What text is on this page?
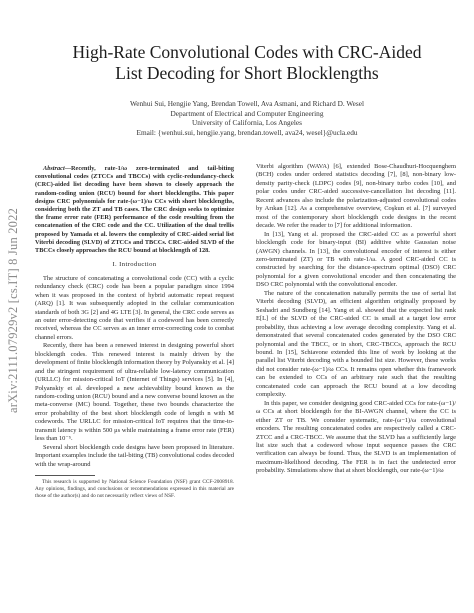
arXiv:2111.07929v2 [cs.IT] 8 Jun 2022
High-Rate Convolutional Codes with CRC-Aided
List Decoding for Short Blocklengths
Wenhui Sui, Hengjie Yang, Brendan Towell, Ava Asmani, and Richard D. Wesel
Department of Electrical and Computer Engineering
University of California, Los Angeles
Email: {wenhui.sui, hengjie.yang, brendan.towell, ava24, wesel}@ucla.edu

Abstract—Recently, rate-1/ω zero-terminated and tail-biting convolutional codes (ZTCCs and TBCCs) with cyclic-redundancy-check (CRC)-aided list decoding have been shown to closely approach the random-coding union (RCU) bound for short blocklengths. This paper designs CRC polynomials for rate-(ω−1)/ω CCs with short blocklengths, considering both the ZT and TB cases. The CRC design seeks to optimize the frame error rate (FER) performance of the code resulting from the concatenation of the CRC code and the CC. Utilization of the dual trellis proposed by Yamada et al. lowers the complexity of CRC-aided serial list Viterbi decoding (SLVD) of ZTCCs and TBCCs. CRC-aided SLVD of the TBCCs closely approaches the RCU bound at blocklength of 128.

I. Introduction

The structure of concatenating a convolutional code (CC) with a cyclic redundancy check (CRC) code has been a popular paradigm since 1994 when it was proposed in the context of hybrid automatic repeat request (ARQ) [1]. It was subsequently adopted in the cellular communication standards of both 3G [2] and 4G LTE [3]. In general, the CRC code serves as an outer error-detecting code that verifies if a codeword has been correctly received, whereas the CC serves as an inner error-correcting code to combat channel errors.

Recently, there has been a renewed interest in designing powerful short blocklength codes. This renewed interest is mainly driven by the development of finite blocklength information theory by Polyanskiy et al. [4] and the stringent requirement of ultra-reliable low-latency communication (URLLC) for mission-critical IoT (Internet of Things) services [5]. In [4], Polyanskiy et al. developed a new achievability bound known as the random-coding union (RCU) bound and a new converse bound known as the meta-converse (MC) bound. Together, these two bounds characterize the error probability of the best short blocklength code of length n with M codewords. The URLLC for mission-critical IoT requires that the time-to-transmit latency is within 500 μs while maintaining a frame error rate (FER) less than 10⁻⁵.

Several short blocklength code designs have been proposed in literature. Important examples include the tail-biting (TB) convolutional codes decoded with the wrap-around

This research is supported by National Science Foundation (NSF) grant CCF-2008918. Any opinions, findings, and conclusions or recommendations expressed in this material are those of the author(s) and do not necessarily reflect views of NSF.

Viterbi algorithm (WAVA) [6], extended Bose-Chaudhuri-Hocquenghem (BCH) codes under ordered statistics decoding [7], [8], non-binary low-density parity-check (LDPC) codes [9], non-binary turbo codes [10], and polar codes under CRC-aided successive-cancellation list decoding [11]. Recent advances also include the polarization-adjusted convolutional codes by Arıkan [12]. As a comprehensive overview, Coşkun et al. [7] surveyed most of the contemporary short blocklength code designs in the recent decade. We refer the reader to [7] for additional information.

In [13], Yang et al. proposed the CRC-aided CC as a powerful short blocklength code for binary-input (BI) additive white Gaussian noise (AWGN) channels. In [13], the convolutional encoder of interest is either zero-terminated (ZT) or TB with rate-1/ω. A good CRC-aided CC is constructed by searching for the distance-spectrum optimal (DSO) CRC polynomial for a given convolutional encoder and then concatenating the DSO CRC polynomial with the convolutional encoder.

The nature of the concatenation naturally permits the use of serial list Viterbi decoding (SLVD), an efficient algorithm originally proposed by Seshadri and Sundberg [14]. Yang et al. showed that the expected list rank E[L] of the SLVD of the CRC-aided CC is small at a target low error probability, thus achieving a low average decoding complexity. Yang et al. demonstrated that several concatenated codes generated by the DSO CRC polynomial and the TBCC, or in short, CRC-TBCCs, approach the RCU bound. In [15], Schiavone extended this line of work by looking at the parallel list Viterbi decoding with a bounded list size. However, these works did not consider rate-(ω−1)/ω CCs. It remains open whether this framework can be extended to CCs of an arbitrary rate such that the resulting concatenated code can approach the RCU bound at a low decoding complexity.

In this paper, we consider designing good CRC-aided CCs for rate-(ω−1)/ω CCs at short blocklength for the BI-AWGN channel, where the CC is either ZT or TB. We consider systematic, rate-(ω−1)/ω convolutional encoders. The resulting concatenated codes are respectively called a CRC-ZTCC and a CRC-TBCC. We assume that the SLVD has a sufficiently large list size such that a codeword whose input sequence passes the CRC verification can always be found. Thus, the SLVD is an implementation of maximum-likelihood decoding. The FER is in fact the undetected error probability. Simulations show that at short blocklength, our rate-(ω−1)/ω
